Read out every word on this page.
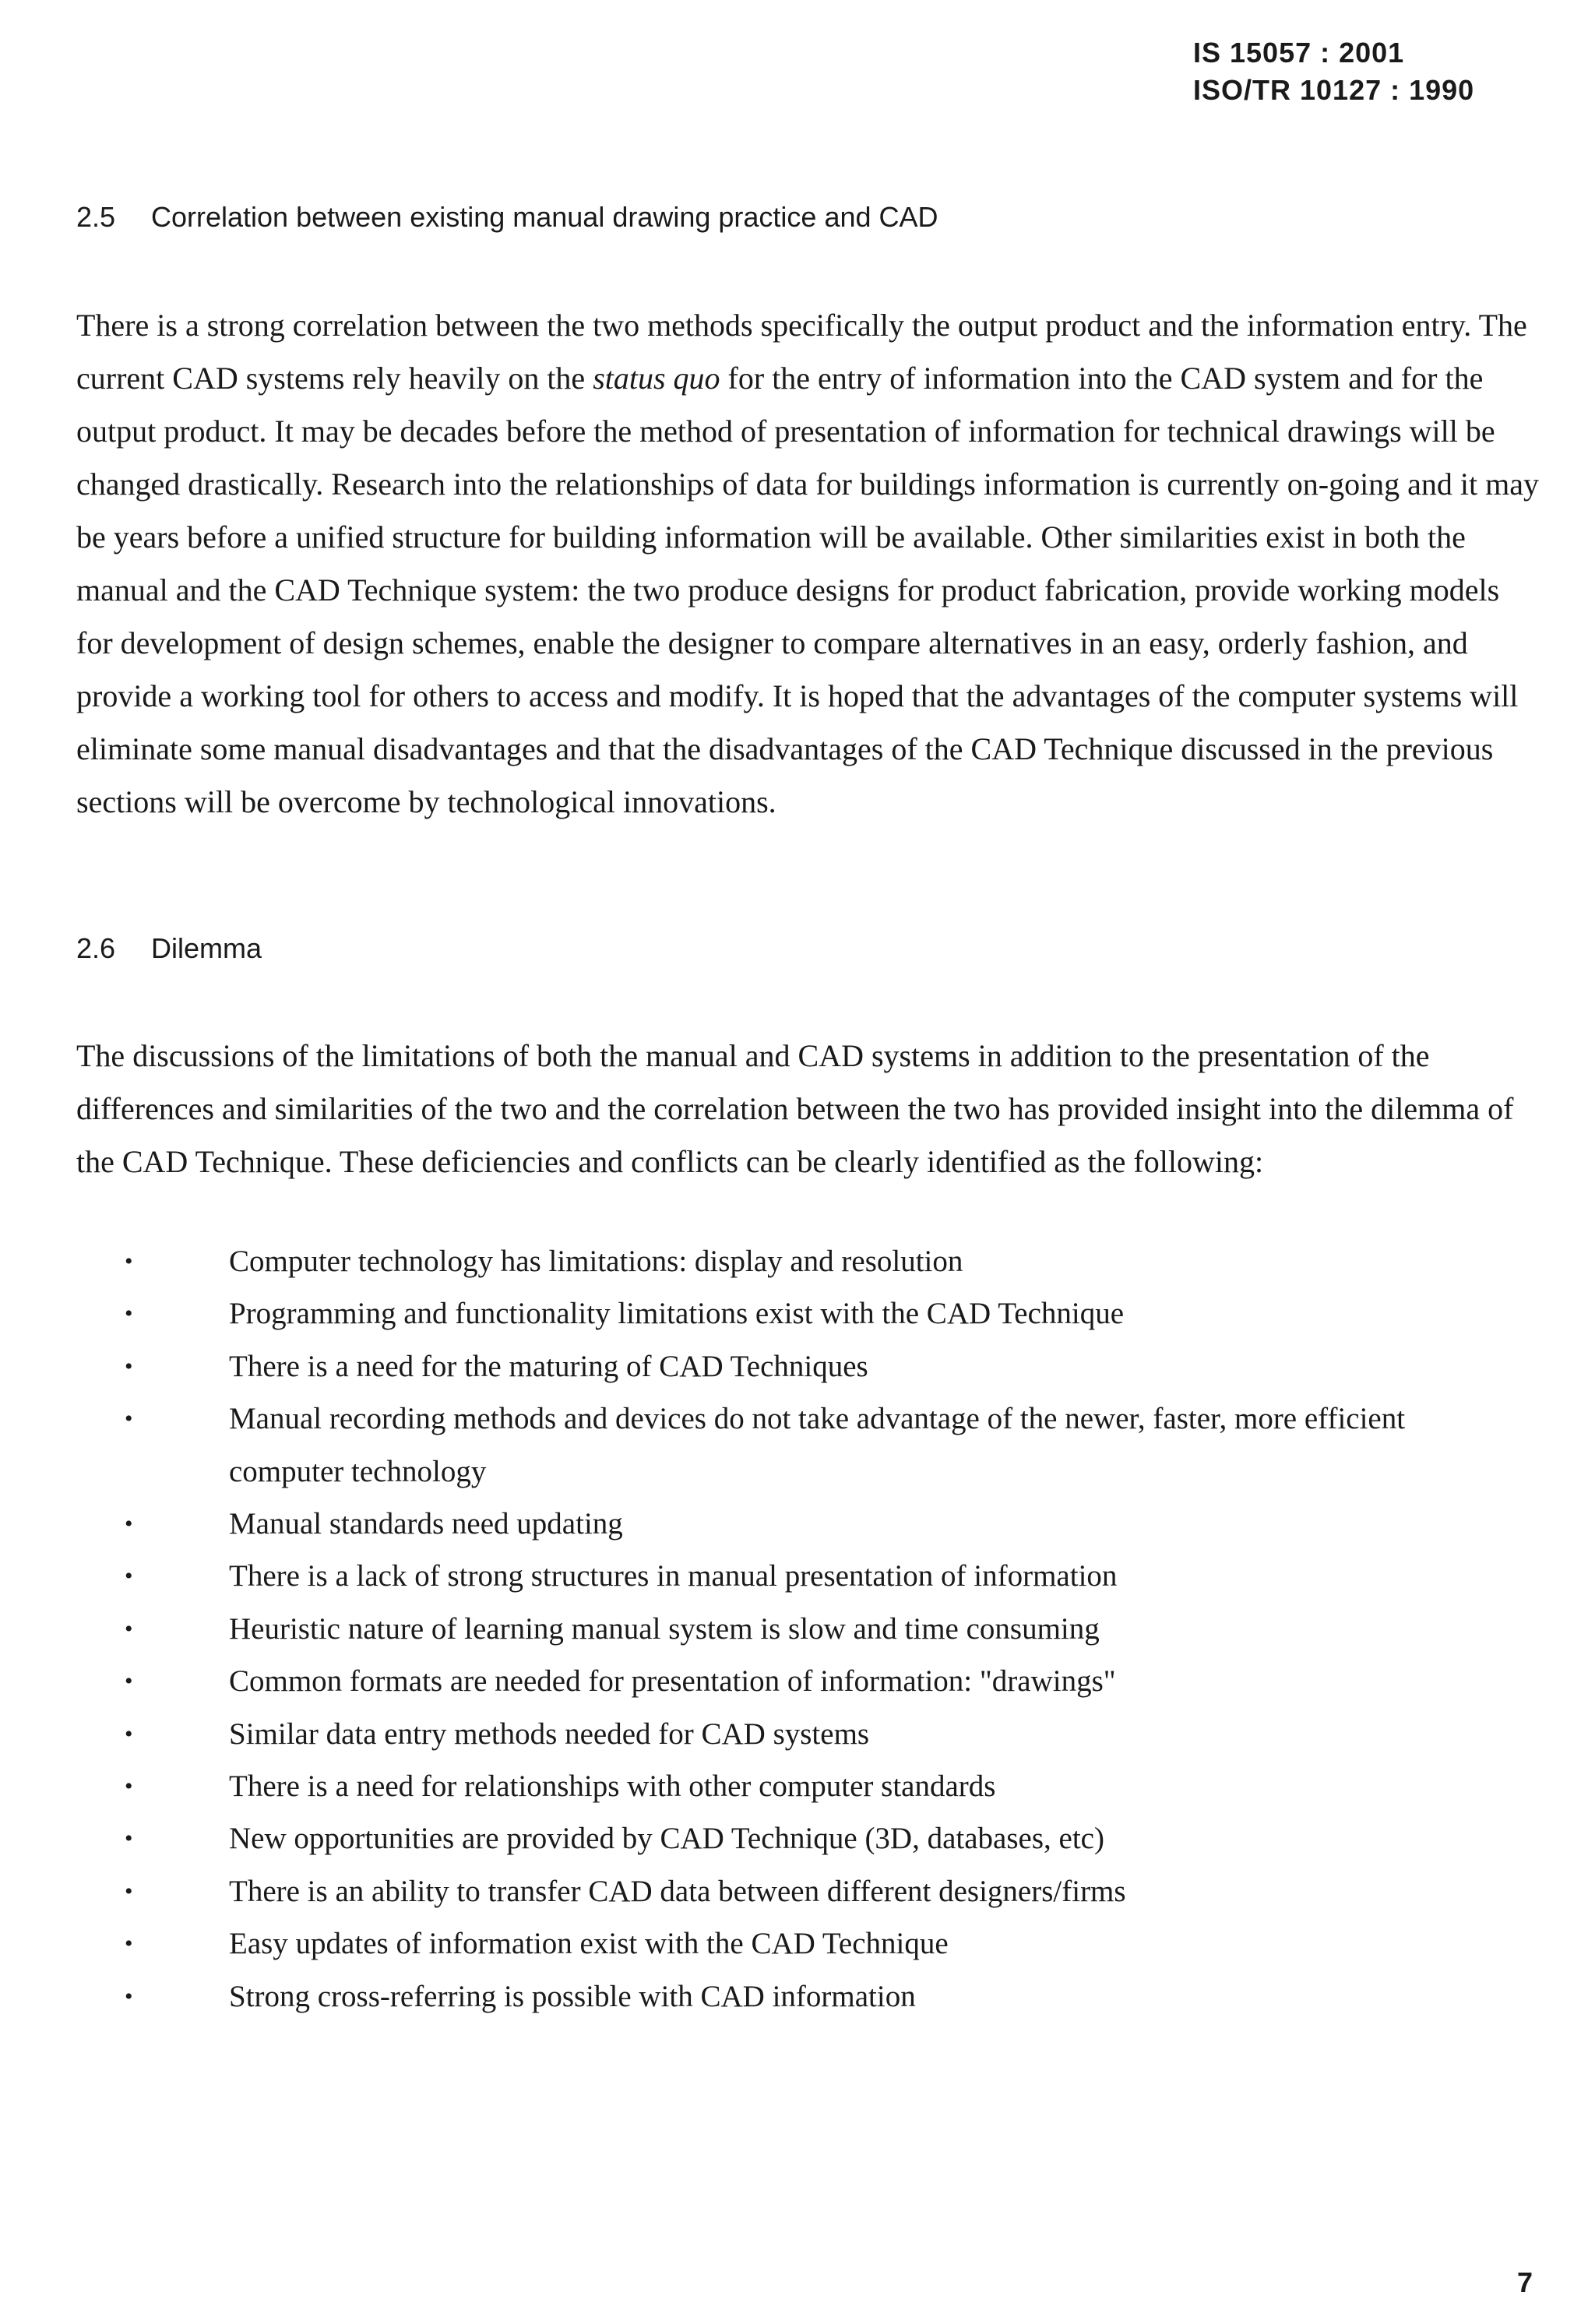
IS 15057 : 2001
ISO/TR 10127 : 1990
2.5 Correlation between existing manual drawing practice and CAD

There is a strong correlation between the two methods specifically the output product and the information entry. The current CAD systems rely heavily on the status quo for the entry of information into the CAD system and for the output product. It may be decades before the method of presentation of information for technical drawings will be changed drastically. Research into the relationships of data for buildings information is currently on-going and it may be years before a unified structure for building information will be available. Other similarities exist in both the manual and the CAD Technique system: the two produce designs for product fabrication, provide working models for development of design schemes, enable the designer to compare alternatives in an easy, orderly fashion, and provide a working tool for others to access and modify. It is hoped that the advantages of the computer systems will eliminate some manual disadvantages and that the disadvantages of the CAD Technique discussed in the previous sections will be overcome by technological innovations.

2.6 Dilemma

The discussions of the limitations of both the manual and CAD systems in addition to the presentation of the differences and similarities of the two and the correlation between the two has provided insight into the dilemma of the CAD Technique. These deficiencies and conflicts can be clearly identified as the following:

•	Computer technology has limitations: display and resolution
•	Programming and functionality limitations exist with the CAD Technique
•	There is a need for the maturing of CAD Techniques
•	Manual recording methods and devices do not take advantage of the newer, faster, more efficient computer technology
•	Manual standards need updating
•	There is a lack of strong structures in manual presentation of information
•	Heuristic nature of learning manual system is slow and time consuming
•	Common formats are needed for presentation of information: "drawings"
•	Similar data entry methods needed for CAD systems
•	There is a need for relationships with other computer standards
•	New opportunities are provided by CAD Technique (3D, databases, etc)
•	There is an ability to transfer CAD data between different designers/firms
•	Easy updates of information exist with the CAD Technique
•	Strong cross-referring is possible with CAD information
7
